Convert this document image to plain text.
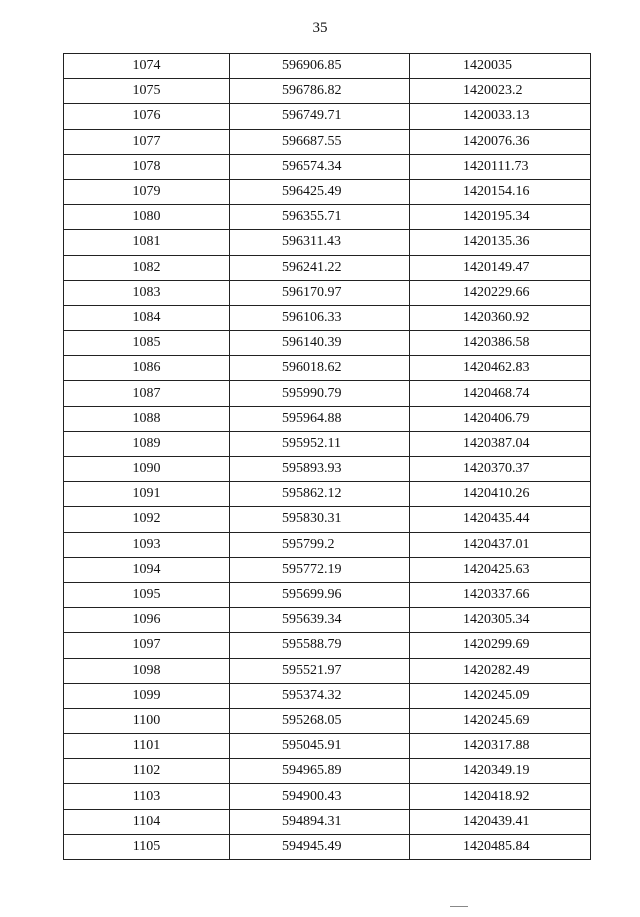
35
1074	596906.85	1420035
1075	596786.82	1420023.2
1076	596749.71	1420033.13
1077	596687.55	1420076.36
1078	596574.34	1420111.73
1079	596425.49	1420154.16
1080	596355.71	1420195.34
1081	596311.43	1420135.36
1082	596241.22	1420149.47
1083	596170.97	1420229.66
1084	596106.33	1420360.92
1085	596140.39	1420386.58
1086	596018.62	1420462.83
1087	595990.79	1420468.74
1088	595964.88	1420406.79
1089	595952.11	1420387.04
1090	595893.93	1420370.37
1091	595862.12	1420410.26
1092	595830.31	1420435.44
1093	595799.2	1420437.01
1094	595772.19	1420425.63
1095	595699.96	1420337.66
1096	595639.34	1420305.34
1097	595588.79	1420299.69
1098	595521.97	1420282.49
1099	595374.32	1420245.09
1100	595268.05	1420245.69
1101	595045.91	1420317.88
1102	594965.89	1420349.19
1103	594900.43	1420418.92
1104	594894.31	1420439.41
1105	594945.49	1420485.84
